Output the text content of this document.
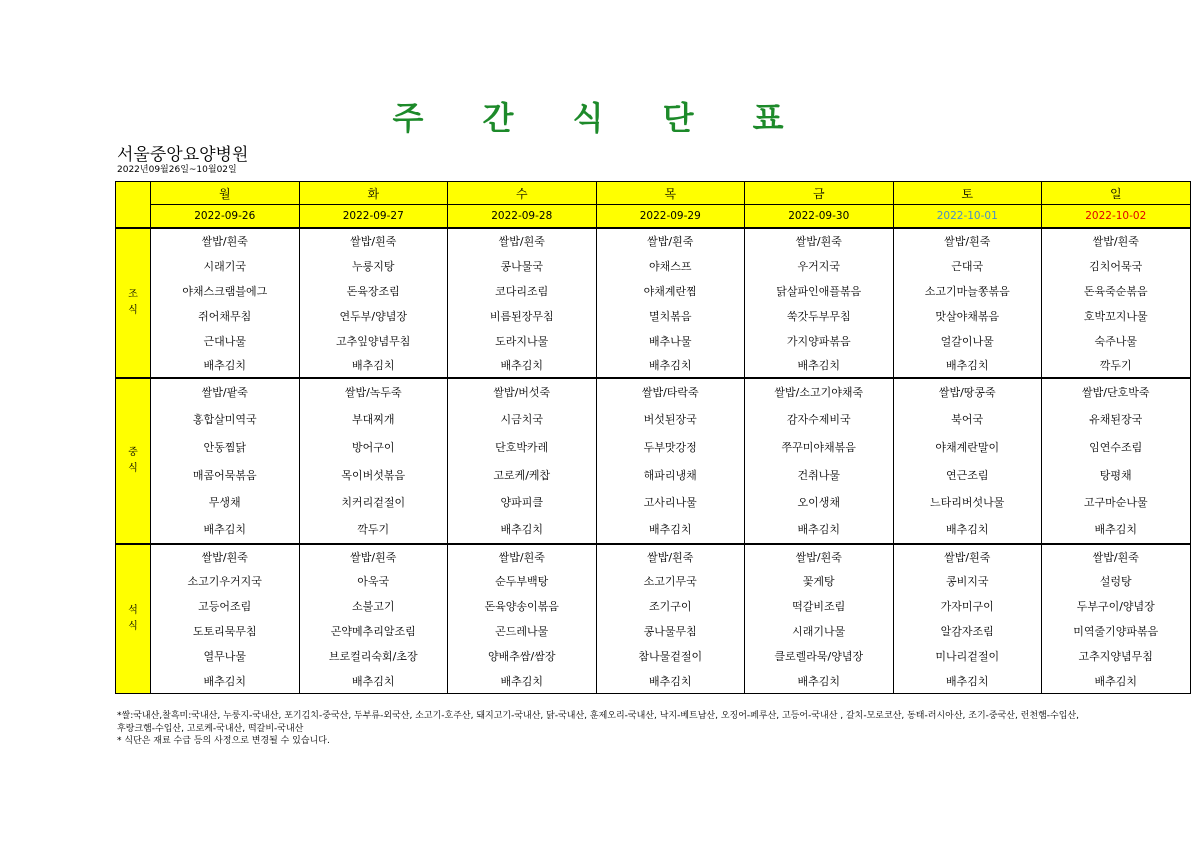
주 간 식 단 표
서울중앙요양병원
2022년09월26일~10월02일
	월	화	수	목	금	토	일
	2022-09-26	2022-09-27	2022-09-28	2022-09-29	2022-09-30	2022-10-01	2022-10-02

조
식	쌀밥/흰죽	쌀밥/흰죽	쌀밥/흰죽	쌀밥/흰죽	쌀밥/흰죽	쌀밥/흰죽	쌀밥/흰죽
	시래기국	누룽지탕	콩나물국	야채스프	우거지국	근대국	김치어묵국
	야채스크램블에그	돈육장조림	코다리조림	야채계란찜	닭살파인애플볶음	소고기마늘쫑볶음	돈육죽순볶음
	쥐어채무침	연두부/양념장	비름된장무침	멸치볶음	쑥갓두부무침	맛살야채볶음	호박꼬지나물
	근대나물	고추잎양념무침	도라지나물	배추나물	가지양파볶음	얼갈이나물	숙주나물
	배추김치	배추김치	배추김치	배추김치	배추김치	배추김치	깍두기

중
식	쌀밥/팥죽	쌀밥/녹두죽	쌀밥/버섯죽	쌀밥/타락죽	쌀밥/소고기야채죽	쌀밥/땅콩죽	쌀밥/단호박죽
	홍합살미역국	부대찌개	시금치국	버섯된장국	감자수제비국	북어국	유채된장국
	안동찜닭	방어구이	단호박카레	두부맛강정	쭈꾸미야채볶음	야채계란말이	임연수조림
	매콤어묵볶음	목이버섯볶음	고로케/케찹	해파리냉채	건취나물	연근조림	탕평채
	무생채	치커리겉절이	양파피클	고사리나물	오이생채	느타리버섯나물	고구마순나물
	배추김치	깍두기	배추김치	배추김치	배추김치	배추김치	배추김치

석
식	쌀밥/흰죽	쌀밥/흰죽	쌀밥/흰죽	쌀밥/흰죽	쌀밥/흰죽	쌀밥/흰죽	쌀밥/흰죽
	소고기우거지국	아욱국	순두부백탕	소고기무국	꽃게탕	콩비지국	설렁탕
	고등어조림	소불고기	돈육양송이볶음	조기구이	떡갈비조림	가자미구이	두부구이/양념장
	도토리묵무침	곤약메추리알조림	곤드레나물	콩나물무침	시래기나물	알감자조림	미역줄기양파볶음
	열무나물	브로컬리숙회/초장	양배추쌈/쌈장	참나물겉절이	클로렐라묵/양념장	미나리겉절이	고추지양념무침
	배추김치	배추김치	배추김치	배추김치	배추김치	배추김치	배추김치

*쌀:국내산,찰흑미:국내산, 누룽지-국내산, 포기김치-중국산, 두부류-외국산, 소고기-호주산, 돼지고기-국내산, 닭-국내산, 훈제오리-국내산, 낙지-베트남산, 오징어-페루산, 고등어-국내산 , 갈치-모로코산, 동태-러시아산, 조기-중국산, 런천햄-수입산, 후랑크햄-수입산, 고로케-국내산, 떡갈비-국내산

* 식단은 재료 수급 등의 사정으로 변경될 수 있습니다.
